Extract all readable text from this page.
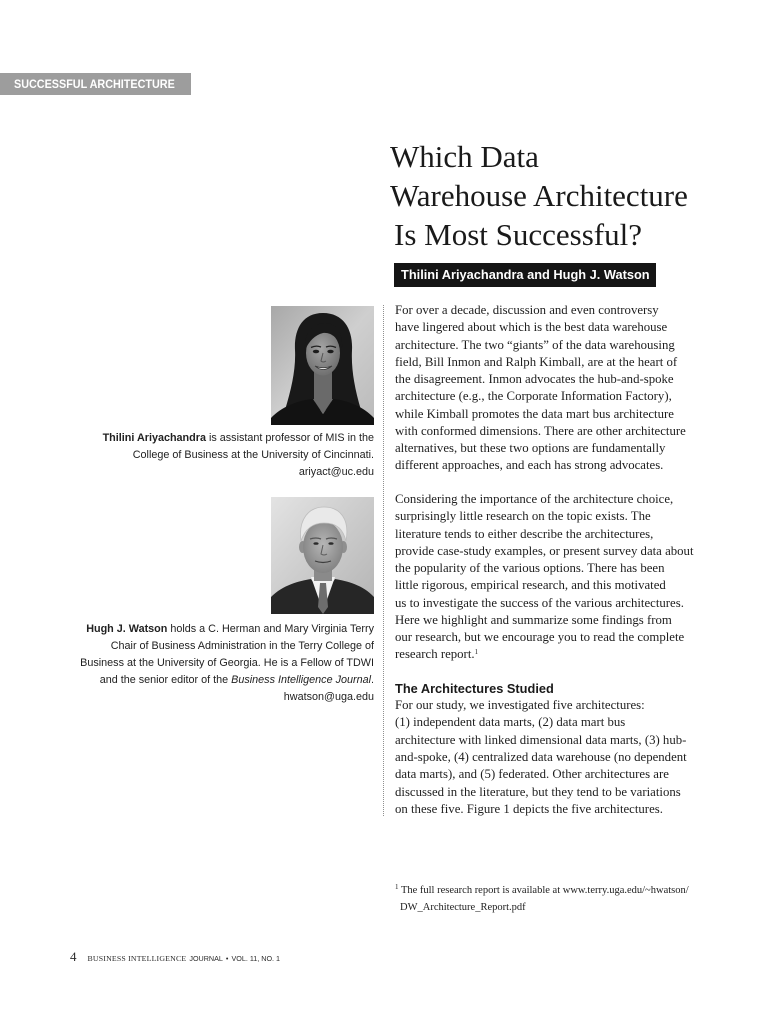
SUCCESSFUL ARCHITECTURE
Which Data
Warehouse Architecture
Is Most Successful?
Thilini Ariyachandra and Hugh J. Watson
Thilini Ariyachandra is assistant professor of MIS in the
College of Business at the University of Cincinnati.
ariyact@uc.edu
Hugh J. Watson holds a C. Herman and Mary Virginia Terry
Chair of Business Administration in the Terry College of
Business at the University of Georgia. He is a Fellow of TDWI
and the senior editor of the Business Intelligence Journal.
hwatson@uga.edu
For over a decade, discussion and even controversy
have lingered about which is the best data warehouse
architecture. The two “giants” of the data warehousing
field, Bill Inmon and Ralph Kimball, are at the heart of
the disagreement. Inmon advocates the hub-and-spoke
architecture (e.g., the Corporate Information Factory),
while Kimball promotes the data mart bus architecture
with conformed dimensions. There are other architecture
alternatives, but these two options are fundamentally
different approaches, and each has strong advocates.
Considering the importance of the architecture choice,
surprisingly little research on the topic exists. The
literature tends to either describe the architectures,
provide case-study examples, or present survey data about
the popularity of the various options. There has been
little rigorous, empirical research, and this motivated
us to investigate the success of the various architectures.
Here we highlight and summarize some findings from
our research, but we encourage you to read the complete
research report.$^1$
The Architectures Studied
For our study, we investigated five architectures:
(1) independent data marts, (2) data mart bus
architecture with linked dimensional data marts, (3) hub-
and-spoke, (4) centralized data warehouse (no dependent
data marts), and (5) federated. Other architectures are
discussed in the literature, but they tend to be variations
on these five. Figure 1 depicts the five architectures.
$^1$ The full research report is available at www.terry.uga.edu/~hwatson/
DW_Architecture_Report.pdf
4 BUSINESS INTELLIGENCE JOURNAL • VOL. 11, NO. 1
